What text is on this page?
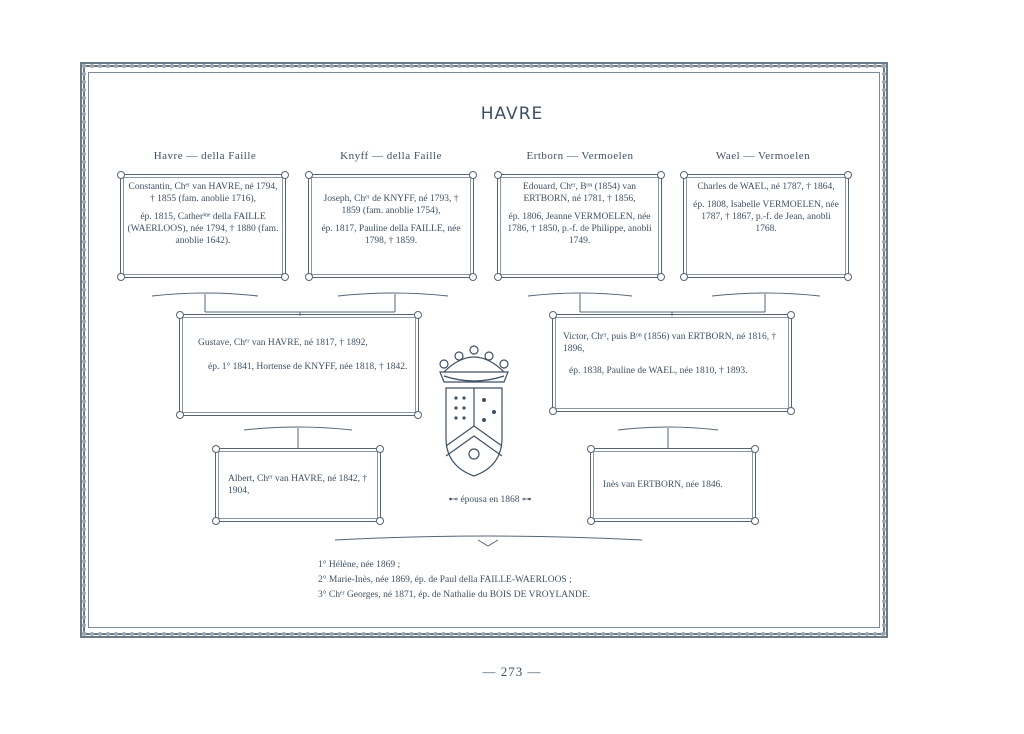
HAVRE
Havre — della Faille	Knyff — della Faille	Ertborn — Vermoelen	Wael — Vermoelen

Constantin, Chᵉʳ van HAVRE, né 1794, † 1855 (fam. anoblie 1716),

ép. 1815, Catherⁱⁿᵉ della FAILLE (WAERLOOS), née 1794, † 1880 (fam. anoblie 1642).

Joseph, Chᵉʳ de KNYFF, né 1793, † 1859 (fam. anoblie 1754),

ép. 1817, Pauline della FAILLE, née 1798, † 1859.

Edouard, Chᵉʳ, Bᵒⁿ (1854) van ERTBORN, né 1781, † 1856,

ép. 1806, Jeanne VERMOELEN, née 1786, † 1850, p.-f. de Philippe, anobli 1749.

Charles de WAEL, né 1787, † 1864,

ép. 1808, Isabelle VERMOELEN, née 1787, † 1867, p.-f. de Jean, anobli 1768.

Gustave, Chᵉʳ van HAVRE, né 1817, † 1892,

ép. 1° 1841, Hortense de KNYFF, née 1818, † 1842.

Victor, Chᵉʳ, puis Bᵒⁿ (1856) van ERTBORN, né 1816, † 1896,

ép. 1838, Pauline de WAEL, née 1810, † 1893.

Albert, Chᵉʳ van HAVRE, né 1842, † 1904,

Inès van ERTBORN, née 1846.

⊷ épousa en 1868 ⊶
1° Hélène, née 1869 ;
2° Marie-Inès, née 1869, ép. de Paul della FAILLE-WAERLOOS ;
3° Chᵉʳ Georges, né 1871, ép. de Nathalie du BOIS DE VROYLANDE.
— 273 —
